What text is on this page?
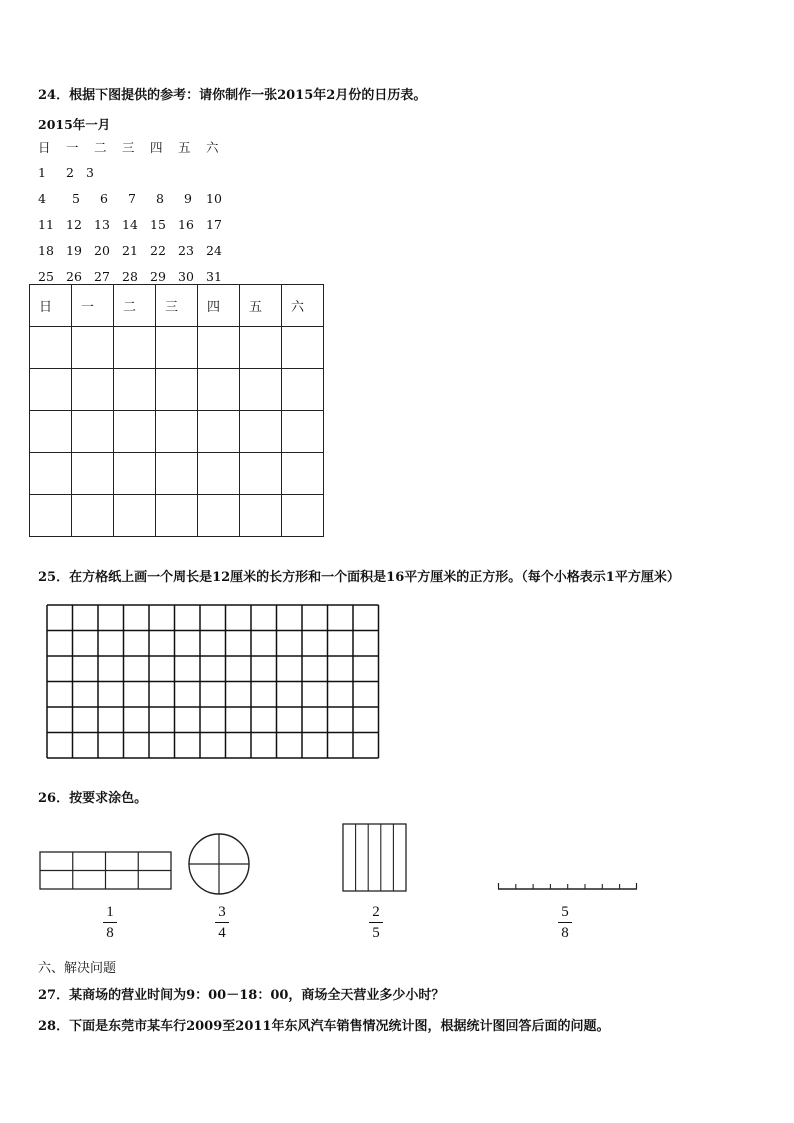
24．根据下图提供的参考：请你制作一张2015年2月份的日历表。
2015年一月
日 一 二 三 四 五 六
1 2 3
4 5 6 7 8 9 10
11 12 13 14 15 16 17
18 19 20 21 22 23 24
25 26 27 28 29 30 31
日	一	二	三	四	五	六

25．在方格纸上画一个周长是12厘米的长方形和一个面积是16平方厘米的正方形。（每个小格表示1平方厘米）
26．按要求涂色。
1
8
3
4
2
5
5
8
六、解决问题
27．某商场的营业时间为9：00－18：00，商场全天营业多少小时？
28．下面是东莞市某车行2009至2011年东风汽车销售情况统计图，根据统计图回答后面的问题。
